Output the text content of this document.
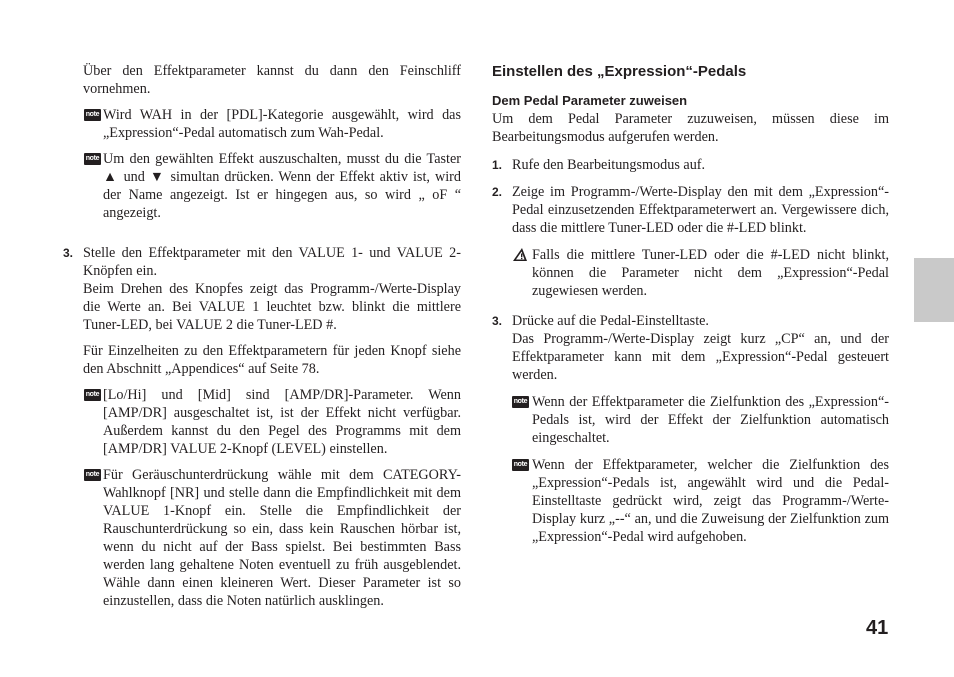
Über den Effektparameter kannst du dann den Feinschliff vornehmen.

note Wird WAH in der [PDL]-Kategorie ausgewählt, wird das „Expression“-Pedal automatisch zum Wah-Pedal.

note Um den gewählten Effekt auszuschalten, musst du die Taster ▲ und ▼ simultan drücken. Wenn der Effekt aktiv ist, wird der Name angezeigt. Ist er hingegen aus, so wird „ oF “ angezeigt.

3. Stelle den Effektparameter mit den VALUE 1- und VALUE 2-Knöpfen ein.

Beim Drehen des Knopfes zeigt das Programm-/Werte-Display die Werte an. Bei VALUE 1 leuchtet bzw. blinkt die mittlere Tuner-LED, bei VALUE 2 die Tuner-LED #.

Für Einzelheiten zu den Effektparametern für jeden Knopf siehe den Abschnitt „Appendices“ auf Seite 78.

note [Lo/Hi] und [Mid] sind [AMP/DR]-Parameter. Wenn [AMP/DR] ausgeschaltet ist, ist der Effekt nicht verfügbar. Außerdem kannst du den Pegel des Programms mit dem [AMP/DR] VALUE 2-Knopf (LEVEL) einstellen.

note Für Geräuschunterdrückung wähle mit dem CATEGORY-Wahlknopf [NR] und stelle dann die Empfindlichkeit mit dem VALUE 1-Knopf ein. Stelle die Empfindlichkeit der Rauschunterdrückung so ein, dass kein Rauschen hörbar ist, wenn du nicht auf der Bass spielst. Bei bestimmten Bass werden lang gehaltene Noten eventuell zu früh ausgeblendet. Wähle dann einen kleineren Wert. Dieser Parameter ist so einzustellen, dass die Noten natürlich ausklingen.

Einstellen des „Expression“-Pedals
Dem Pedal Parameter zuweisen

Um dem Pedal Parameter zuzuweisen, müssen diese im Bearbeitungsmodus aufgerufen werden.

1. Rufe den Bearbeitungsmodus auf.

2. Zeige im Programm-/Werte-Display den mit dem „Expression“-Pedal einzusetzenden Effektparameterwert an. Vergewissere dich, dass die mittlere Tuner-LED oder die #-LED blinkt.

Falls die mittlere Tuner-LED oder die #-LED nicht blinkt, können die Parameter nicht dem „Expression“-Pedal zugewiesen werden.

3. Drücke auf die Pedal-Einstelltaste.

Das Programm-/Werte-Display zeigt kurz „CP“ an, und der Effektparameter kann mit dem „Expression“-Pedal gesteuert werden.

note Wenn der Effektparameter die Zielfunktion des „Expression“-Pedals ist, wird der Effekt der Zielfunktion automatisch eingeschaltet.

note Wenn der Effektparameter, welcher die Zielfunktion des „Expression“-Pedals ist, angewählt wird und die Pedal-Einstelltaste gedrückt wird, zeigt das Programm-/Werte-Display kurz „--“ an, und die Zuweisung der Zielfunktion zum „Expression“-Pedal wird aufgehoben.

41
